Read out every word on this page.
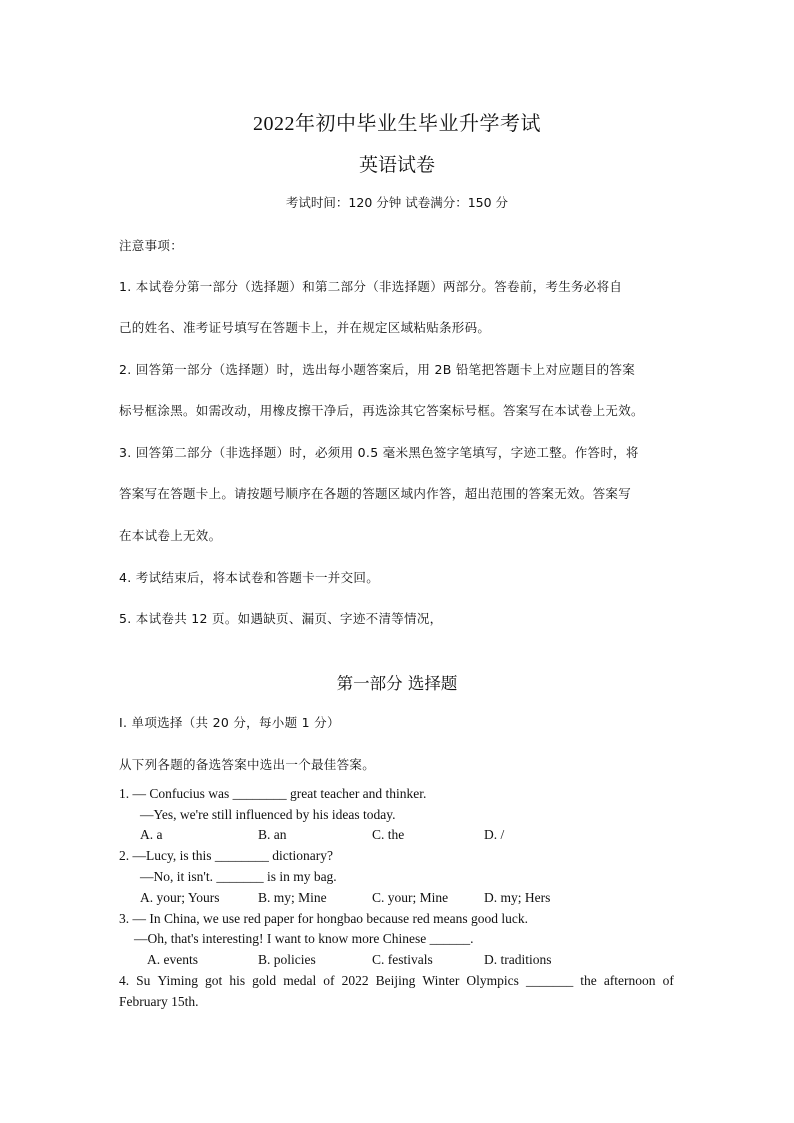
2022年初中毕业生毕业升学考试
英语试卷
考试时间：120 分钟 试卷满分：150 分
注意事项：
1. 本试卷分第一部分（选择题）和第二部分（非选择题）两部分。答卷前，考生务必将自
己的姓名、准考证号填写在答题卡上，并在规定区域粘贴条形码。
2. 回答第一部分（选择题）时，选出每小题答案后，用 2B 铅笔把答题卡上对应题目的答案
标号框涂黑。如需改动，用橡皮擦干净后，再选涂其它答案标号框。答案写在本试卷上无效。
3. 回答第二部分（非选择题）时，必须用 0.5 毫米黑色签字笔填写，字迹工整。作答时，将
答案写在答题卡上。请按题号顺序在各题的答题区域内作答，超出范围的答案无效。答案写
在本试卷上无效。
4. 考试结束后，将本试卷和答题卡一并交回。
5. 本试卷共 12 页。如遇缺页、漏页、字迹不清等情况，
第一部分 选择题
I. 单项选择（共 20 分，每小题 1 分）
从下列各题的备选答案中选出一个最佳答案。
1. — Confucius was ________ great teacher and thinker.
—Yes, we're still influenced by his ideas today.
A. a	B. an	C. the	D. /
2. —Lucy, is this ________ dictionary?
—No, it isn't. _______ is in my bag.
A. your; Yours	B. my; Mine	C. your; Mine	D. my; Hers
3. — In China, we use red paper for hongbao because red means good luck.
—Oh, that's interesting! I want to know more Chinese ______.
A. events	B. policies	C. festivals	D. traditions
4. Su Yiming got his gold medal of 2022 Beijing Winter Olympics _______ the afternoon of
February 15th.
